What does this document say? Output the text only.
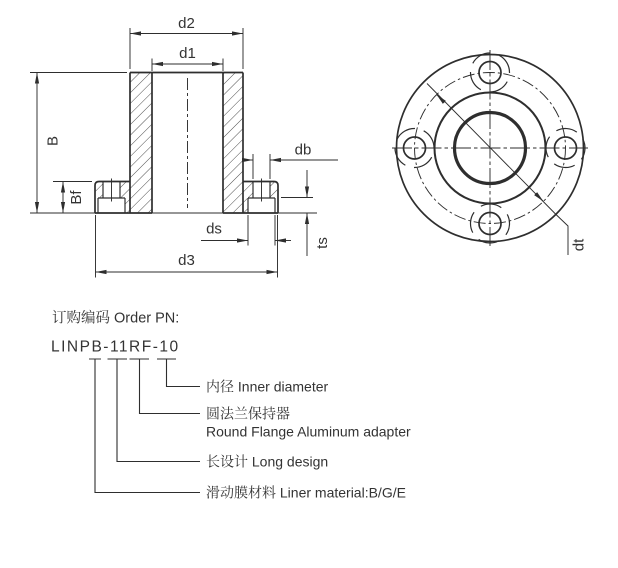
d2
d1
B
Bf
db
ds
d3
ts	dt
订购编码 Order PN:
LINPB-11RF-10
内径 Inner diameter
圆法兰保持器
Round Flange Aluminum adapter
长设计 Long design
滑动膜材料 Liner material:B/G/E
